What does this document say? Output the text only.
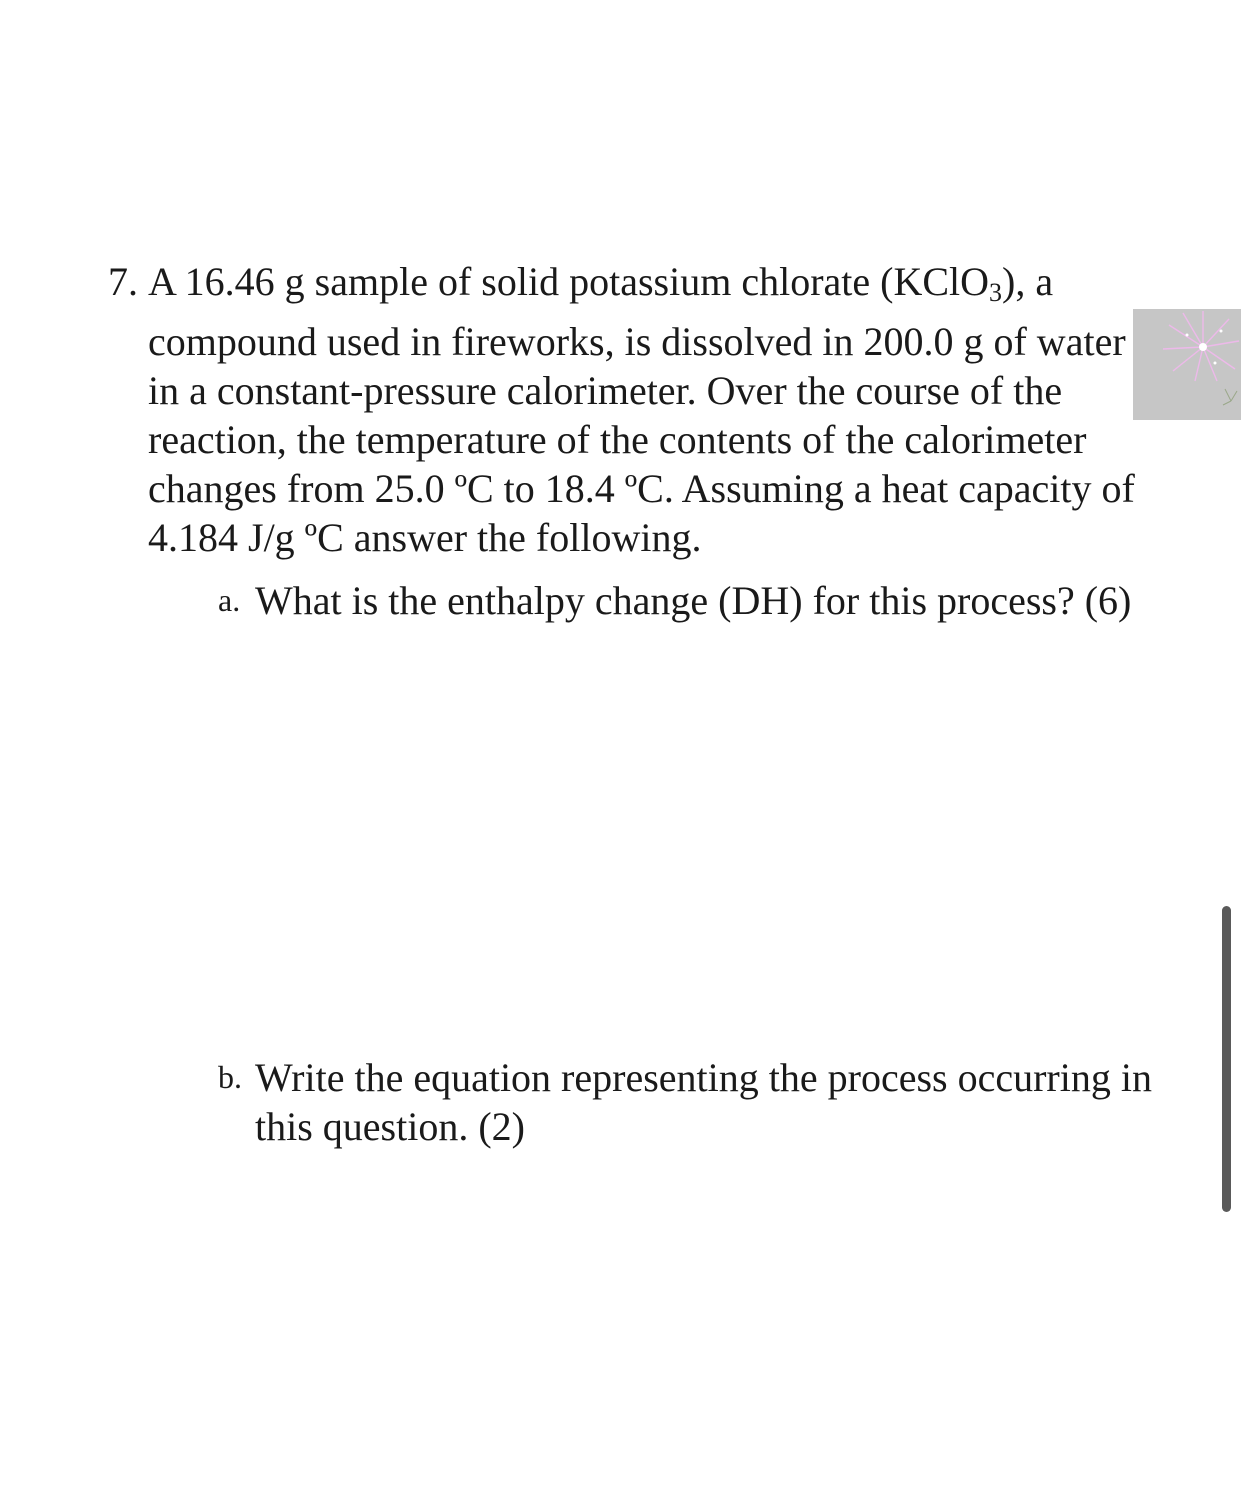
7. A 16.46 g sample of solid potassium chlorate (KClO$_3$), a
compound used in fireworks, is dissolved in 200.0 g of water
in a constant-pressure calorimeter. Over the course of the
reaction, the temperature of the contents of the calorimeter
changes from 25.0 ºC to 18.4 ºC. Assuming a heat capacity of
4.184 J/g ºC answer the following.
a. What is the enthalpy change (DH) for this process? (6)
b. Write the equation representing the process occurring in
this question. (2)
